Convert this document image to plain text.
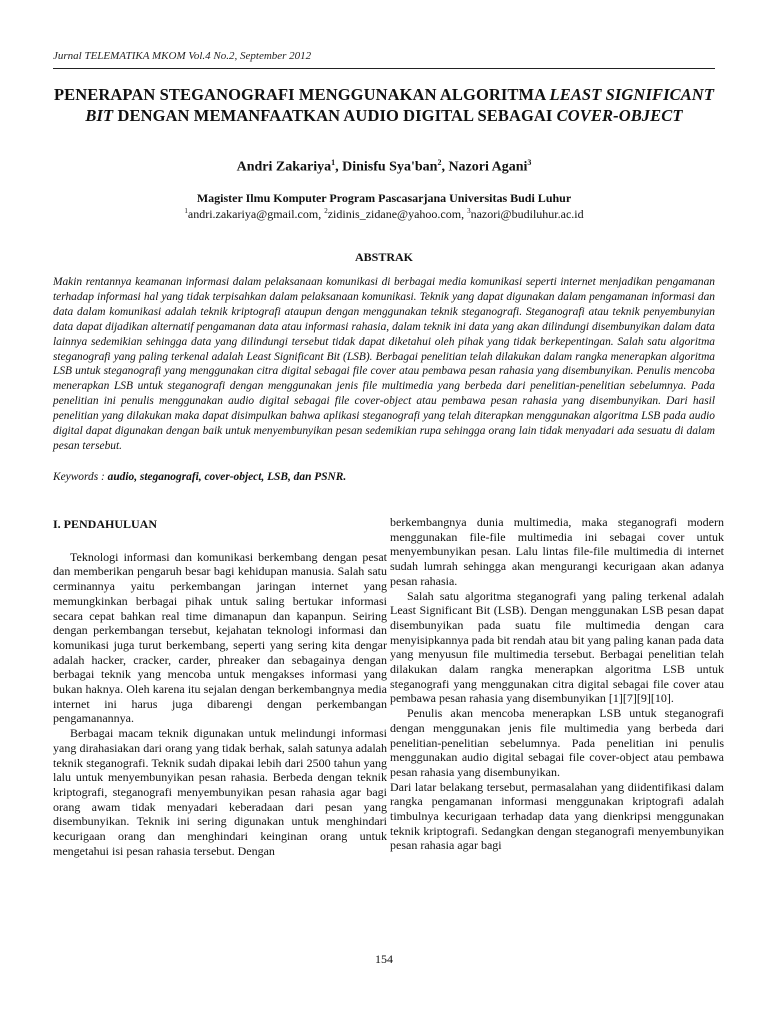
Jurnal TELEMATIKA MKOM Vol.4 No.2, September 2012
PENERAPAN STEGANOGRAFI MENGGUNAKAN ALGORITMA LEAST SIGNIFICANT BIT DENGAN MEMANFAATKAN AUDIO DIGITAL SEBAGAI COVER-OBJECT
Andri Zakariya$^1$, Dinisfu Sya'ban$^2$, Nazori Agani$^3$
Magister Ilmu Komputer Program Pascasarjana Universitas Budi Luhur
$^1$andri.zakariya@gmail.com, $^2$zidinis_zidane@yahoo.com, $^3$nazori@budiluhur.ac.id
ABSTRAK
Makin rentannya keamanan informasi dalam pelaksanaan komunikasi di berbagai media komunikasi seperti internet menjadikan pengamanan terhadap informasi hal yang tidak terpisahkan dalam pelaksanaan komunikasi. Teknik yang dapat digunakan dalam pengamanan informasi dan data dalam komunikasi adalah teknik kriptografi ataupun dengan menggunakan teknik steganografi. Steganografi atau teknik penyembunyian data dapat dijadikan alternatif pengamanan data atau informasi rahasia, dalam teknik ini data yang akan dilindungi disembunyikan dalam data lainnya sedemikian sehingga data yang dilindungi tersebut tidak dapat diketahui oleh pihak yang tidak berkepentingan. Salah satu algoritma steganografi yang paling terkenal adalah Least Significant Bit (LSB). Berbagai penelitian telah dilakukan dalam rangka menerapkan algoritma LSB untuk steganografi yang menggunakan citra digital sebagai file cover atau pembawa pesan rahasia yang disembunyikan. Penulis mencoba menerapkan LSB untuk steganografi dengan menggunakan jenis file multimedia yang berbeda dari penelitian-penelitian sebelumnya. Pada penelitian ini penulis menggunakan audio digital sebagai file cover-object atau pembawa pesan rahasia yang disembunyikan. Dari hasil penelitian yang dilakukan maka dapat disimpulkan bahwa aplikasi steganografi yang telah diterapkan menggunakan algoritma LSB pada audio digital dapat digunakan dengan baik untuk menyembunyikan pesan sedemikian rupa sehingga orang lain tidak menyadari ada sesuatu di dalam pesan tersebut.
Keywords : audio, steganografi, cover-object, LSB, dan PSNR.
I. PENDAHULUAN

Teknologi informasi dan komunikasi berkembang dengan pesat dan memberikan pengaruh besar bagi kehidupan manusia. Salah satu cerminannya yaitu perkembangan jaringan internet yang memungkinkan berbagai pihak untuk saling bertukar informasi secara cepat bahkan real time dimanapun dan kapanpun. Seiring dengan perkembangan tersebut, kejahatan teknologi informasi dan komunikasi juga turut berkembang, seperti yang sering kita dengar adalah hacker, cracker, carder, phreaker dan sebagainya dengan berbagai teknik yang mencoba untuk mengakses informasi yang bukan haknya. Oleh karena itu sejalan dengan berkembangnya media internet ini harus juga dibarengi dengan perkembangan pengamanannya.

Berbagai macam teknik digunakan untuk melindungi informasi yang dirahasiakan dari orang yang tidak berhak, salah satunya adalah teknik steganografi. Teknik sudah dipakai lebih dari 2500 tahun yang lalu untuk menyembunyikan pesan rahasia. Berbeda dengan teknik kriptografi, steganografi menyembunyikan pesan rahasia agar bagi orang awam tidak menyadari keberadaan dari pesan yang disembunyikan. Teknik ini sering digunakan untuk menghindari kecurigaan orang dan menghindari keinginan orang untuk mengetahui isi pesan rahasia tersebut. Dengan

berkembangnya dunia multimedia, maka steganografi modern menggunakan file-file multimedia ini sebagai cover untuk menyembunyikan pesan. Lalu lintas file-file multimedia di internet sudah lumrah sehingga akan mengurangi kecurigaan akan adanya pesan rahasia.

Salah satu algoritma steganografi yang paling terkenal adalah Least Significant Bit (LSB). Dengan menggunakan LSB pesan dapat disembunyikan pada suatu file multimedia dengan cara menyisipkannya pada bit rendah atau bit yang paling kanan pada data yang menyusun file multimedia tersebut. Berbagai penelitian telah dilakukan dalam rangka menerapkan algoritma LSB untuk steganografi yang menggunakan citra digital sebagai file cover atau pembawa pesan rahasia yang disembunyikan [1][7][9][10].

Penulis akan mencoba menerapkan LSB untuk steganografi dengan menggunakan jenis file multimedia yang berbeda dari penelitian-penelitian sebelumnya. Pada penelitian ini penulis menggunakan audio digital sebagai file cover-object atau pembawa pesan rahasia yang disembunyikan.

Dari latar belakang tersebut, permasalahan yang diidentifikasi dalam rangka pengamanan informasi menggunakan kriptografi adalah timbulnya kecurigaan terhadap data yang dienkripsi menggunakan teknik kriptografi. Sedangkan dengan steganografi menyembunyikan pesan rahasia agar bagi

154
